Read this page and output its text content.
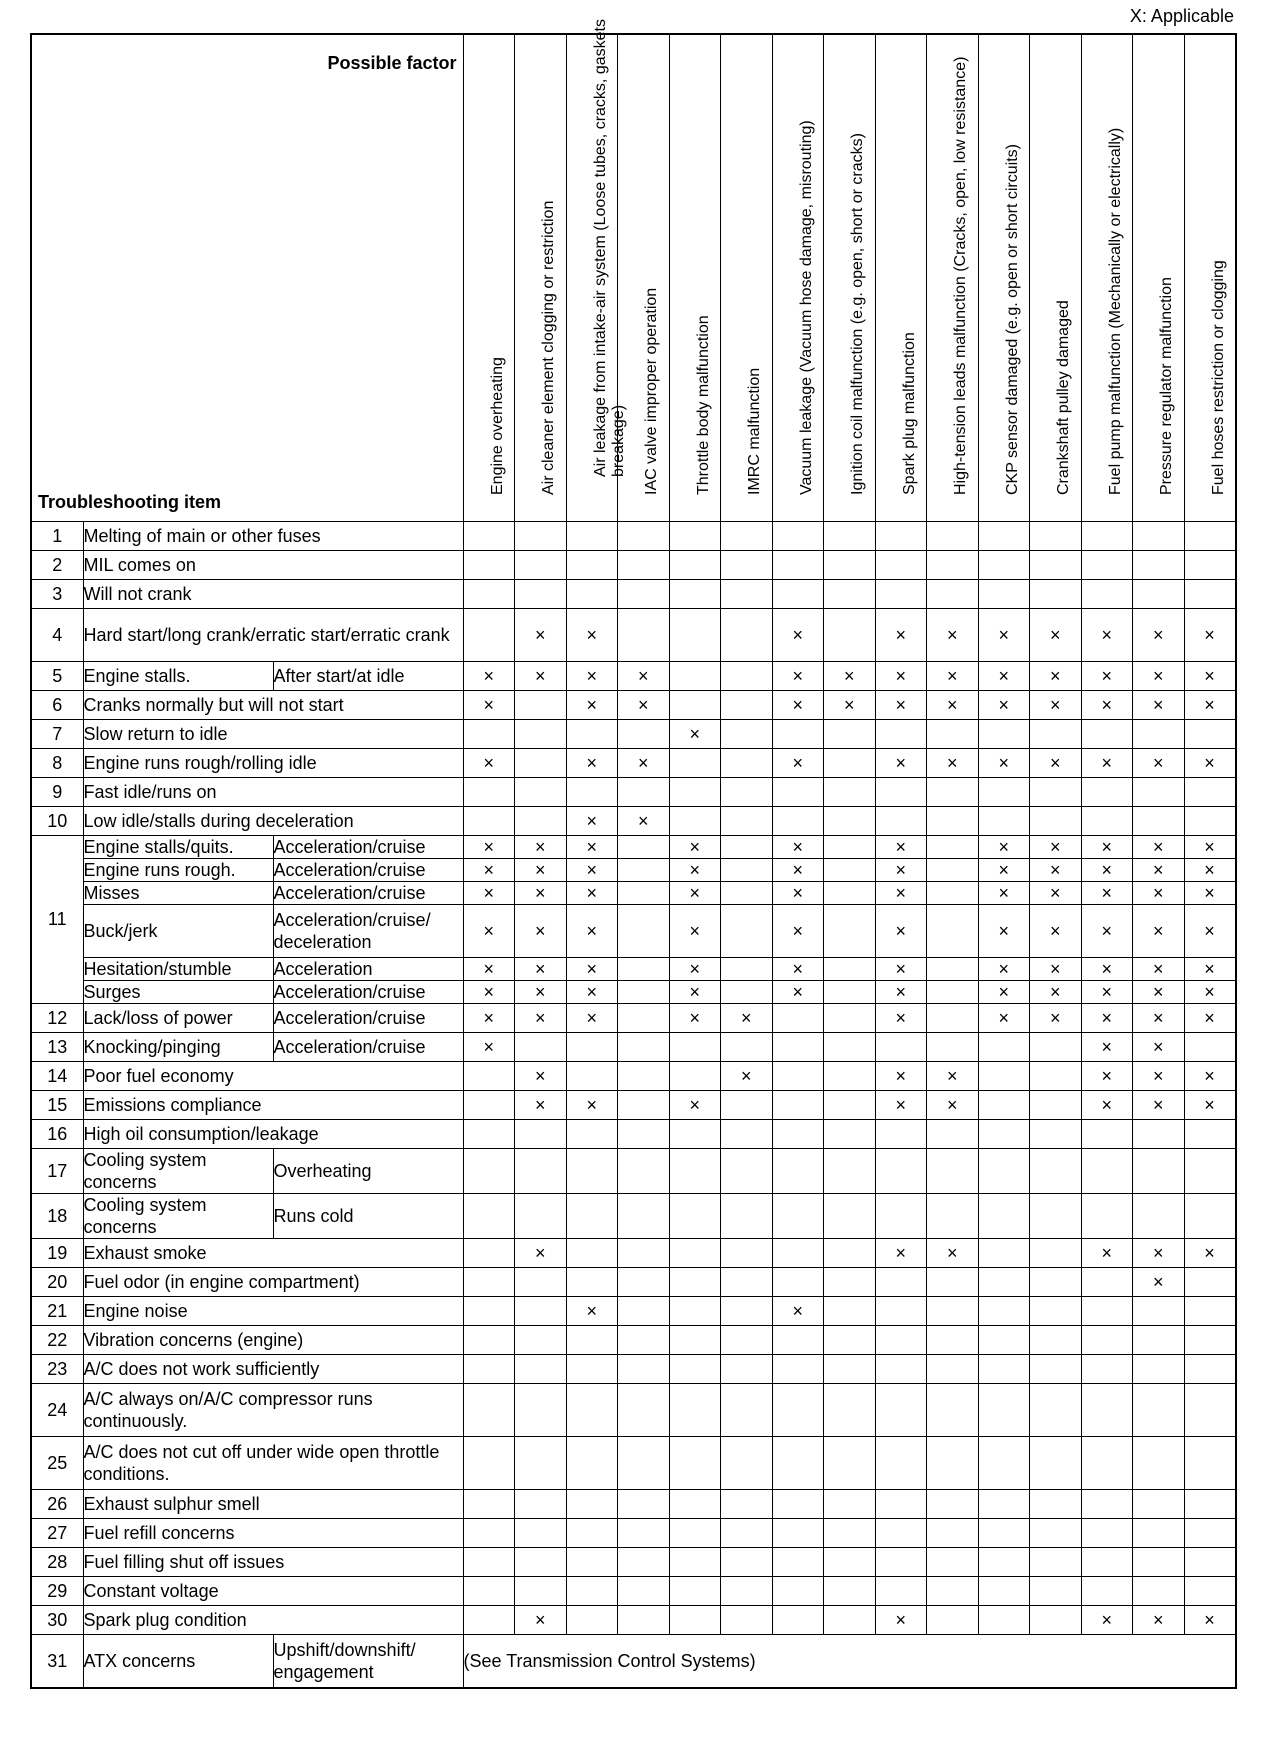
X: Applicable
Possible factor
Troubleshooting item			Engine overheating	Air cleaner element clogging or restriction	Air leakage from intake-air system (Loose tubes, cracks, gaskets breakage)	IAC valve improper operation	Throttle body malfunction	IMRC malfunction	Vacuum leakage (Vacuum hose damage, misrouting)	Ignition coil malfunction (e.g. open, short or cracks)	Spark plug malfunction	High-tension leads malfunction (Cracks, open, low resistance)	CKP sensor damaged (e.g. open or short circuits)	Crankshaft pulley damaged	Fuel pump malfunction (Mechanically or electrically)	Pressure regulator malfunction	Fuel hoses restriction or clogging

1	Melting of main or other fuses																
2	MIL comes on																
3	Will not crank																
4	Hard start/long crank/erratic start/erratic crank			×	×				×		×	×	×	×	×	×	×
5	Engine stalls.	After start/at idle	×	×	×	×			×	×	×	×	×	×	×	×	×
6	Cranks normally but will not start		×		×	×			×	×	×	×	×	×	×	×	×
7	Slow return to idle						×										
8	Engine runs rough/rolling idle		×		×	×			×		×	×	×	×	×	×	×
9	Fast idle/runs on																
10	Low idle/stalls during deceleration				×	×											
11	Engine stalls/quits.	Acceleration/cruise	×	×	×		×		×		×		×	×	×	×	×
	Engine runs rough.	Acceleration/cruise	×	×	×		×		×		×		×	×	×	×	×
	Misses	Acceleration/cruise	×	×	×		×		×		×		×	×	×	×	×
	Buck/jerk	Acceleration/cruise/ deceleration	×	×	×		×		×		×		×	×	×	×	×
	Hesitation/stumble	Acceleration	×	×	×		×		×		×		×	×	×	×	×
	Surges	Acceleration/cruise	×	×	×		×		×		×		×	×	×	×	×
12	Lack/loss of power	Acceleration/cruise	×	×	×		×	×			×		×	×	×	×	×
13	Knocking/pinging	Acceleration/cruise	×												×	×	
14	Poor fuel economy			×				×			×	×			×	×	×
15	Emissions compliance			×	×		×				×	×			×	×	×
16	High oil consumption/leakage																
17	Cooling system concerns	Overheating															
18	Cooling system concerns	Runs cold															
19	Exhaust smoke			×							×	×			×	×	×
20	Fuel odor (in engine compartment)															×	
21	Engine noise				×				×								
22	Vibration concerns (engine)																
23	A/C does not work sufficiently																
24	A/C always on/A/C compressor runs continuously.																
25	A/C does not cut off under wide open throttle conditions.																
26	Exhaust sulphur smell																
27	Fuel refill concerns																
28	Fuel filling shut off issues																
29	Constant voltage																
30	Spark plug condition			×							×				×	×	×
31	ATX concerns	Upshift/downshift/ engagement	(See Transmission Control Systems)														
